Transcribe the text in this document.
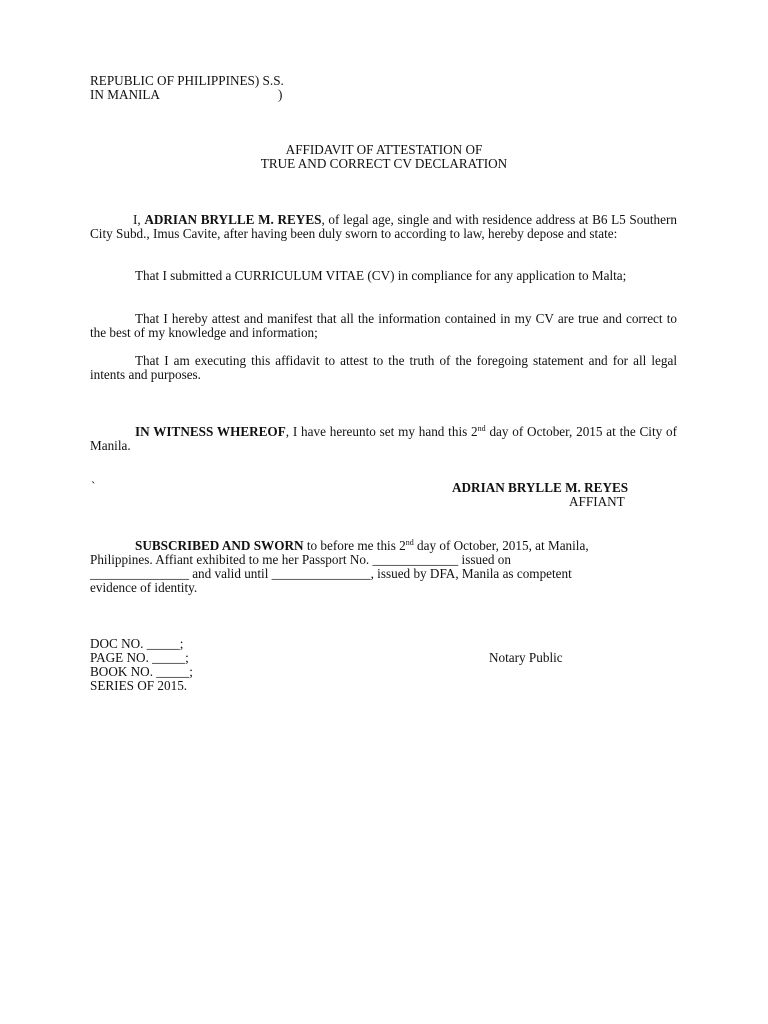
REPUBLIC OF PHILIPPINES) S.S.
IN MANILA	)
AFFIDAVIT OF ATTESTATION OF
TRUE AND CORRECT CV DECLARATION
I, ADRIAN BRYLLE M. REYES, of legal age, single and with residence address at B6 L5 Southern City Subd., Imus Cavite, after having been duly sworn to according to law, hereby depose and state:
That I submitted a CURRICULUM VITAE (CV) in compliance for any application to Malta;
That I hereby attest and manifest that all the information contained in my CV are true and correct to the best of my knowledge and information;
That I am executing this affidavit to attest to the truth of the foregoing statement and for all legal intents and purposes.
IN WITNESS WHEREOF, I have hereunto set my hand this 2nd day of October, 2015 at the City of Manila.
`	ADRIAN BRYLLE M. REYES
AFFIANT
SUBSCRIBED AND SWORN to before me this 2nd day of October, 2015, at Manila,
Philippines. Affiant exhibited to me her Passport No. _____________ issued on
_______________ and valid until _______________, issued by DFA, Manila as competent
evidence of identity.
DOC NO. _____;
PAGE NO. _____;
BOOK NO. _____;
SERIES OF 2015.
Notary Public
